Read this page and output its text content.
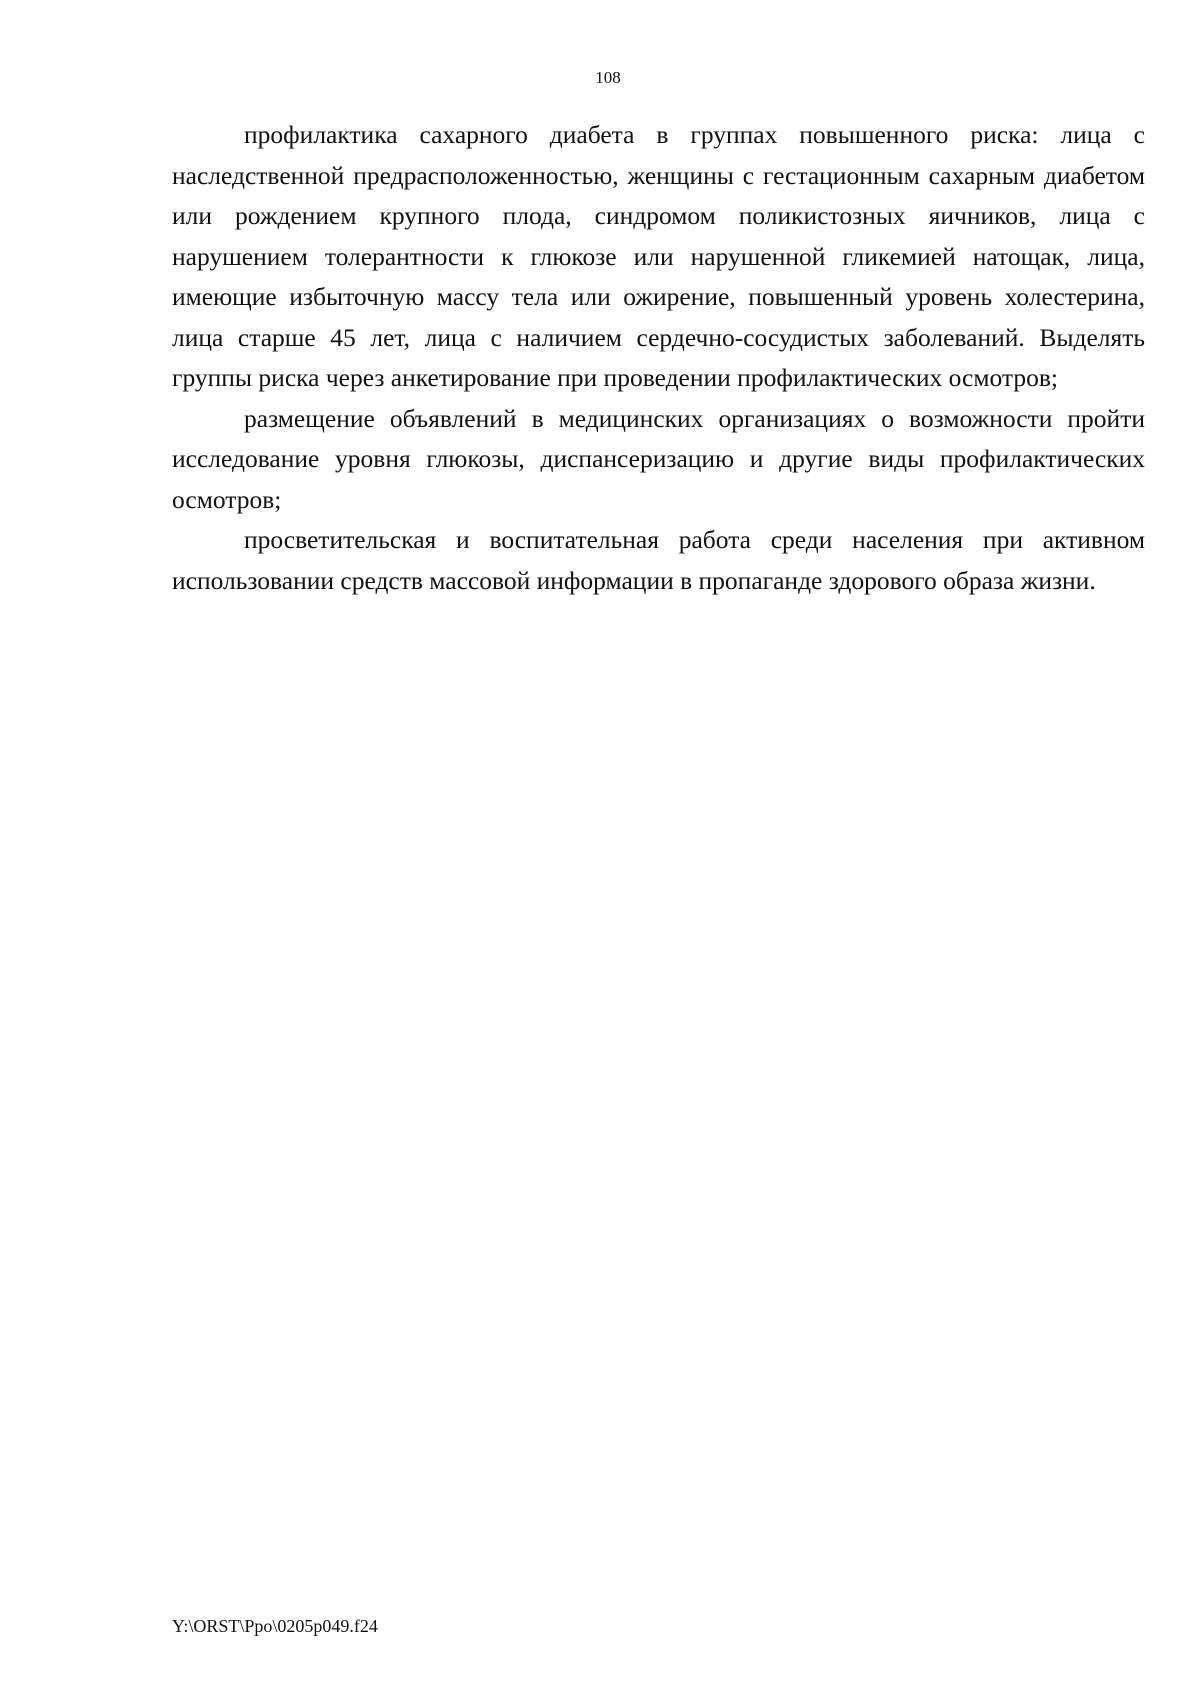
108

профилактика сахарного диабета в группах повышенного риска: лица с наследственной предрасположенностью, женщины с гестационным сахарным диабетом или рождением крупного плода, синдромом поликистозных яичников, лица с нарушением толерантности к глюкозе или нарушенной гликемией натощак, лица, имеющие избыточную массу тела или ожирение, повышенный уровень холестерина, лица старше 45 лет, лица с наличием сердечно-сосудистых заболеваний. Выделять группы риска через анкетирование при проведении профилактических осмотров;

размещение объявлений в медицинских организациях о возможности пройти исследование уровня глюкозы, диспансеризацию и другие виды профилактических осмотров;

просветительская и воспитательная работа среди населения при активном использовании средств массовой информации в пропаганде здорового образа жизни.

Y:\ORST\Ppo\0205p049.f24
